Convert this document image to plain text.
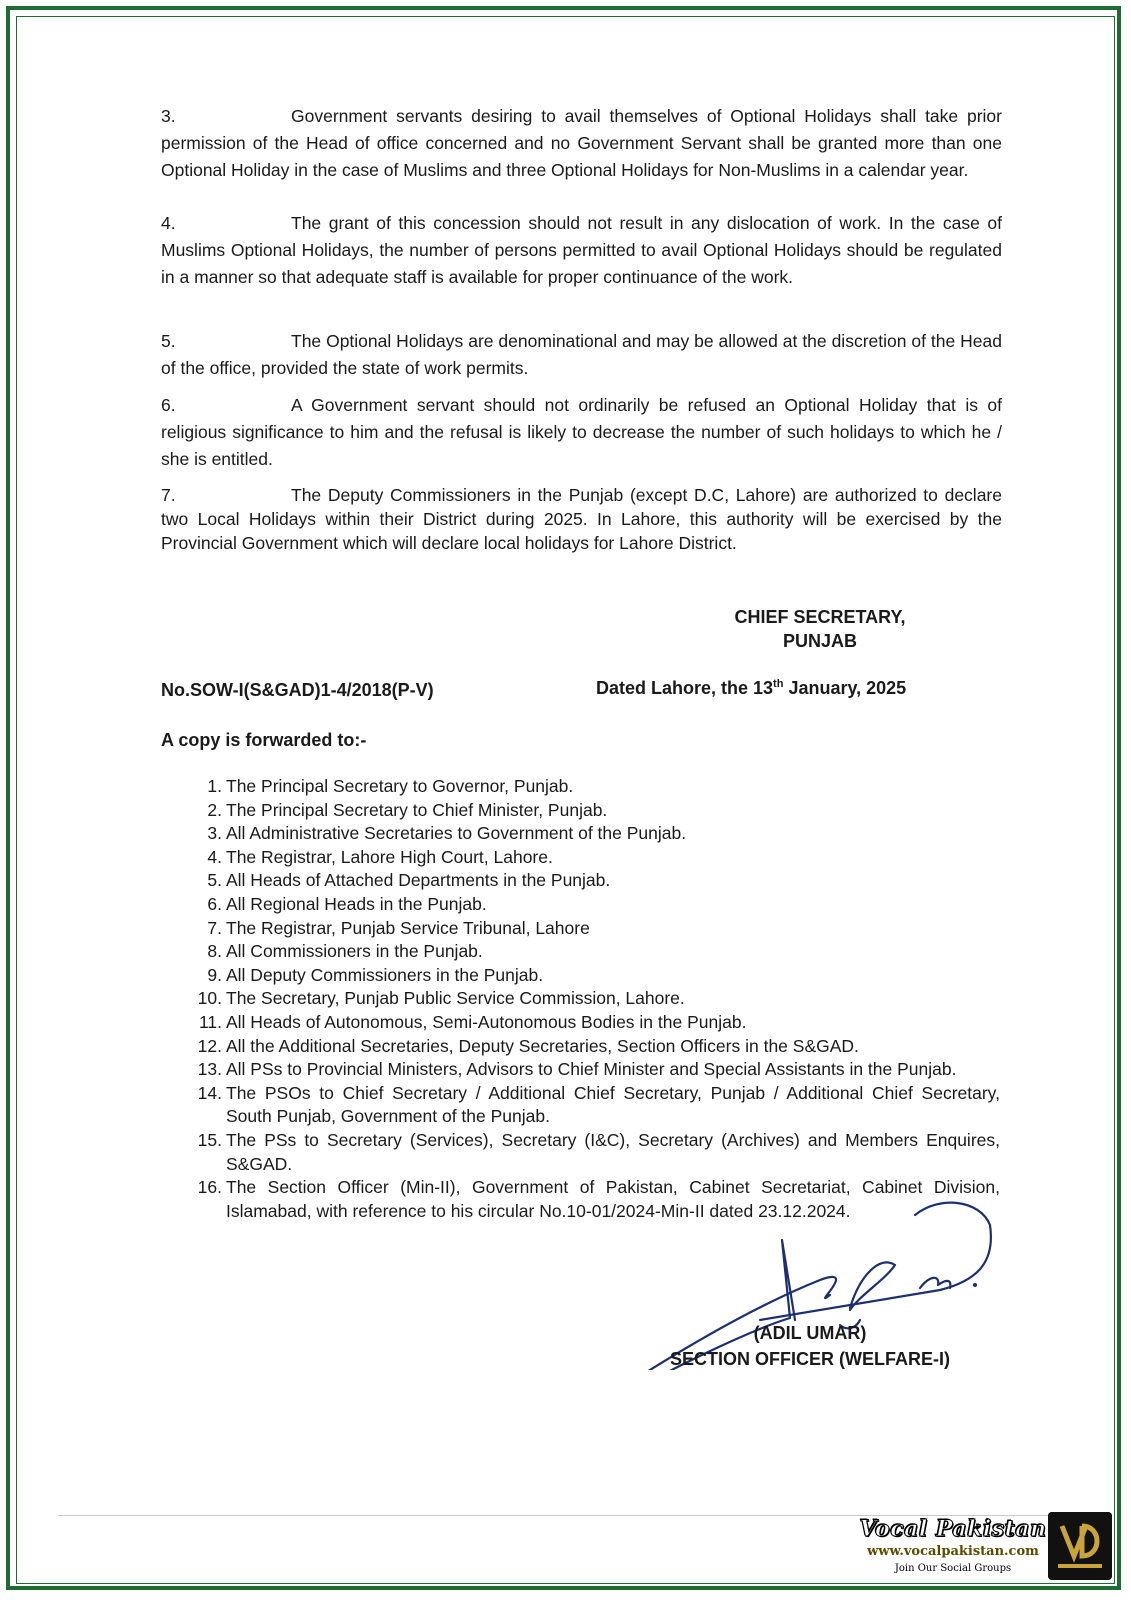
3.	Government servants desiring to avail themselves of Optional Holidays shall take prior permission of the Head of office concerned and no Government Servant shall be granted more than one Optional Holiday in the case of Muslims and three Optional Holidays for Non-Muslims in a calendar year.
4.	The grant of this concession should not result in any dislocation of work. In the case of Muslims Optional Holidays, the number of persons permitted to avail Optional Holidays should be regulated in a manner so that adequate staff is available for proper continuance of the work.
5.	The Optional Holidays are denominational and may be allowed at the discretion of the Head of the office, provided the state of work permits.
6.	A Government servant should not ordinarily be refused an Optional Holiday that is of religious significance to him and the refusal is likely to decrease the number of such holidays to which he / she is entitled.
7.	The Deputy Commissioners in the Punjab (except D.C, Lahore) are authorized to declare two Local Holidays within their District during 2025. In Lahore, this authority will be exercised by the Provincial Government which will declare local holidays for Lahore District.
CHIEF SECRETARY,
PUNJAB
No.SOW-I(S&GAD)1-4/2018(P-V)	Dated Lahore, the 13th January, 2025
A copy is forwarded to:-
1. The Principal Secretary to Governor, Punjab.
2. The Principal Secretary to Chief Minister, Punjab.
3. All Administrative Secretaries to Government of the Punjab.
4. The Registrar, Lahore High Court, Lahore.
5. All Heads of Attached Departments in the Punjab.
6. All Regional Heads in the Punjab.
7. The Registrar, Punjab Service Tribunal, Lahore
8. All Commissioners in the Punjab.
9. All Deputy Commissioners in the Punjab.
10. The Secretary, Punjab Public Service Commission, Lahore.
11. All Heads of Autonomous, Semi-Autonomous Bodies in the Punjab.
12. All the Additional Secretaries, Deputy Secretaries, Section Officers in the S&GAD.
13. All PSs to Provincial Ministers, Advisors to Chief Minister and Special Assistants in the Punjab.
14. The PSOs to Chief Secretary / Additional Chief Secretary, Punjab / Additional Chief Secretary, South Punjab, Government of the Punjab.
15. The PSs to Secretary (Services), Secretary (I&C), Secretary (Archives) and Members Enquires, S&GAD.
16. The Section Officer (Min-II), Government of Pakistan, Cabinet Secretariat, Cabinet Division, Islamabad, with reference to his circular No.10-01/2024-Min-II dated 23.12.2024.
(ADIL UMAR)
SECTION OFFICER (WELFARE-I)
Vocal Pakistan
www.vocalpakistan.com
Join Our Social Groups
